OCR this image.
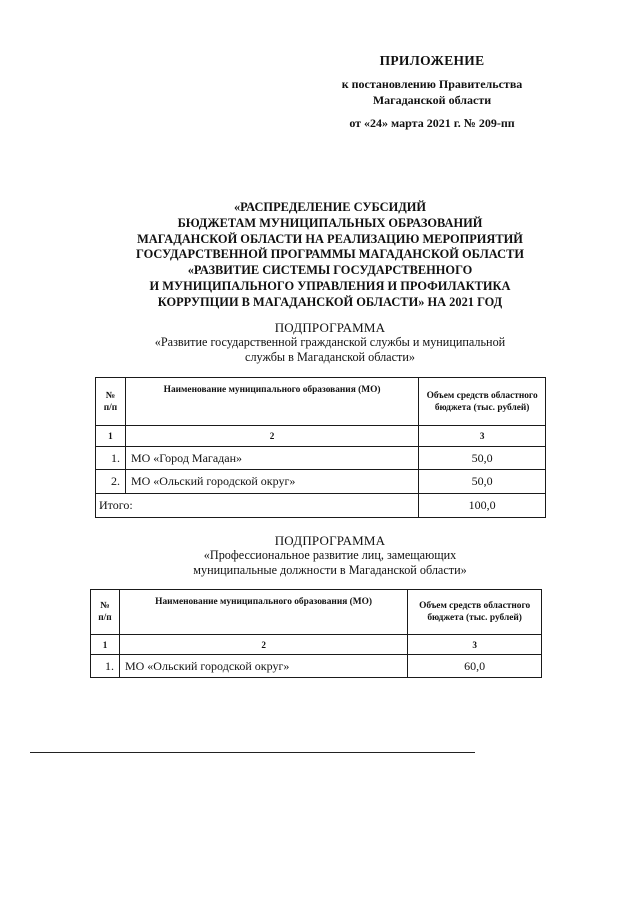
ПРИЛОЖЕНИЕ
к постановлению Правительства
Магаданской области
от «24» марта 2021 г. № 209-пп
«РАСПРЕДЕЛЕНИЕ СУБСИДИЙ
БЮДЖЕТАМ МУНИЦИПАЛЬНЫХ ОБРАЗОВАНИЙ
МАГАДАНСКОЙ ОБЛАСТИ НА РЕАЛИЗАЦИЮ МЕРОПРИЯТИЙ
ГОСУДАРСТВЕННОЙ ПРОГРАММЫ МАГАДАНСКОЙ ОБЛАСТИ
«РАЗВИТИЕ СИСТЕМЫ ГОСУДАРСТВЕННОГО
И МУНИЦИПАЛЬНОГО УПРАВЛЕНИЯ И ПРОФИЛАКТИКА
КОРРУПЦИИ В МАГАДАНСКОЙ ОБЛАСТИ» НА 2021 ГОД
ПОДПРОГРАММА
«Развитие государственной гражданской службы и муниципальной
службы в Магаданской области»
№ п/п	Наименование муниципального образования (МО)	Объем средств областного бюджета (тыс. рублей)
1	2	3
1.	МО «Город Магадан»	50,0
2.	МО «Ольский городской округ»	50,0
Итого:		100,0
ПОДПРОГРАММА
«Профессиональное развитие лиц, замещающих
муниципальные должности в Магаданской области»
№ п/п	Наименование муниципального образования (МО)	Объем средств областного бюджета (тыс. рублей)
1	2	3
1.	МО «Ольский городской округ»	60,0
